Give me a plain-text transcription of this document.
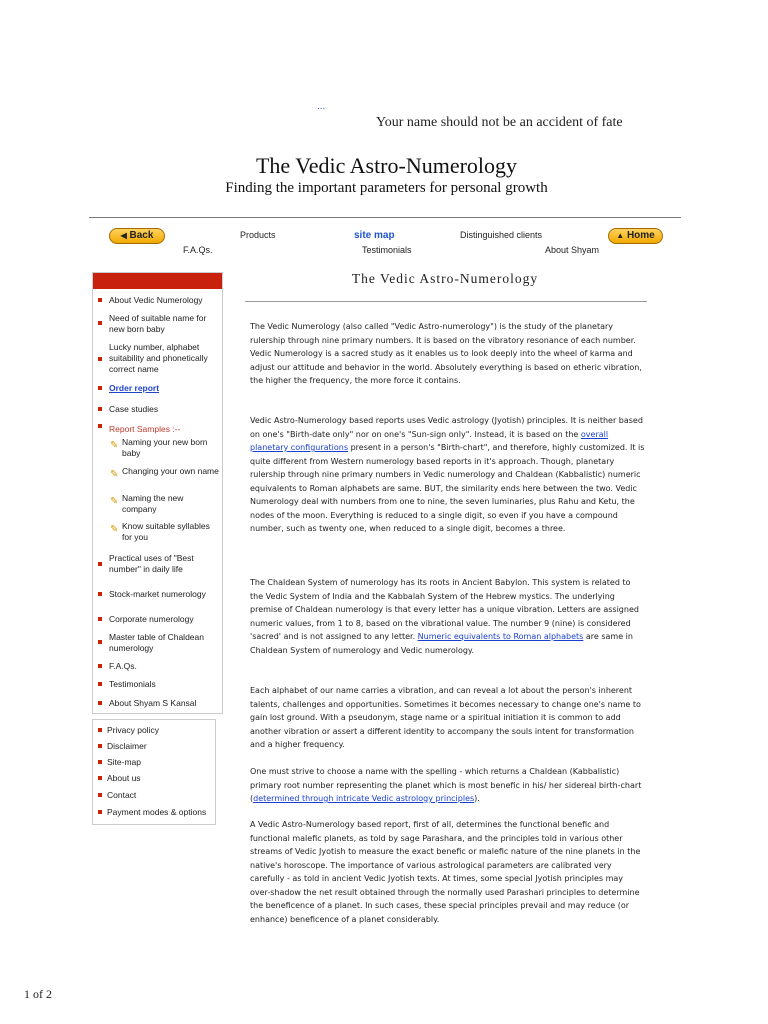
...
Your name should not be an accident of fate
The Vedic Astro-Numerology
Finding the important parameters for personal growth
◀ Back	▲ Home
Products	site map	Distinguished clients
F.A.Qs.	Testimonials	About Shyam
About Vedic Numerology
Need of suitable name for new born baby
Lucky number, alphabet suitability and phonetically correct name
Order report
Case studies
Report Samples :--
✎ Naming your new born baby
✎ Changing your own name
✎ Naming the new company
✎ Know suitable syllables for you
Practical uses of "Best number" in daily life
Stock-market numerology
Corporate numerology
Master table of Chaldean numerology
F.A.Qs.
Testimonials
About Shyam S Kansal
Privacy policy
Disclaimer
Site-map
About us
Contact
Payment modes & options
The Vedic Astro-Numerology

The Vedic Numerology (also called "Vedic Astro-numerology") is the study of the planetary rulership through nine primary numbers. It is based on the vibratory resonance of each number. Vedic Numerology is a sacred study as it enables us to look deeply into the wheel of karma and adjust our attitude and behavior in the world. Absolutely everything is based on etheric vibration, the higher the frequency, the more force it contains.

Vedic Astro-Numerology based reports uses Vedic astrology (Jyotish) principles. It is neither based on one's "Birth-date only" nor on one's "Sun-sign only". Instead, it is based on the overall planetary configurations present in a person's "Birth-chart", and therefore, highly customized. It is quite different from Western numerology based reports in it's approach. Though, planetary rulership through nine primary numbers in Vedic numerology and Chaldean (Kabbalistic) numeric equivalents to Roman alphabets are same. BUT, the similarity ends here between the two. Vedic Numerology deal with numbers from one to nine, the seven luminaries, plus Rahu and Ketu, the nodes of the moon. Everything is reduced to a single digit, so even if you have a compound number, such as twenty one, when reduced to a single digit, becomes a three.

The Chaldean System of numerology has its roots in Ancient Babylon. This system is related to the Vedic System of India and the Kabbalah System of the Hebrew mystics. The underlying premise of Chaldean numerology is that every letter has a unique vibration. Letters are assigned numeric values, from 1 to 8, based on the vibrational value. The number 9 (nine) is considered 'sacred' and is not assigned to any letter. Numeric equivalents to Roman alphabets are same in Chaldean System of numerology and Vedic numerology.

Each alphabet of our name carries a vibration, and can reveal a lot about the person's inherent talents, challenges and opportunities. Sometimes it becomes necessary to change one's name to gain lost ground. With a pseudonym, stage name or a spiritual initiation it is common to add another vibration or assert a different identity to accompany the souls intent for transformation and a higher frequency.

One must strive to choose a name with the spelling - which returns a Chaldean (Kabbalistic) primary root number representing the planet which is most benefic in his/ her sidereal birth-chart (determined through intricate Vedic astrology principles).

A Vedic Astro-Numerology based report, first of all, determines the functional benefic and functional malefic planets, as told by sage Parashara, and the principles told in various other streams of Vedic Jyotish to measure the exact benefic or malefic nature of the nine planets in the native's horoscope. The importance of various astrological parameters are calibrated very carefully - as told in ancient Vedic Jyotish texts. At times, some special Jyotish principles may over-shadow the net result obtained through the normally used Parashari principles to determine the beneficence of a planet. In such cases, these special principles prevail and may reduce (or enhance) beneficence of a planet considerably.

1 of 2
